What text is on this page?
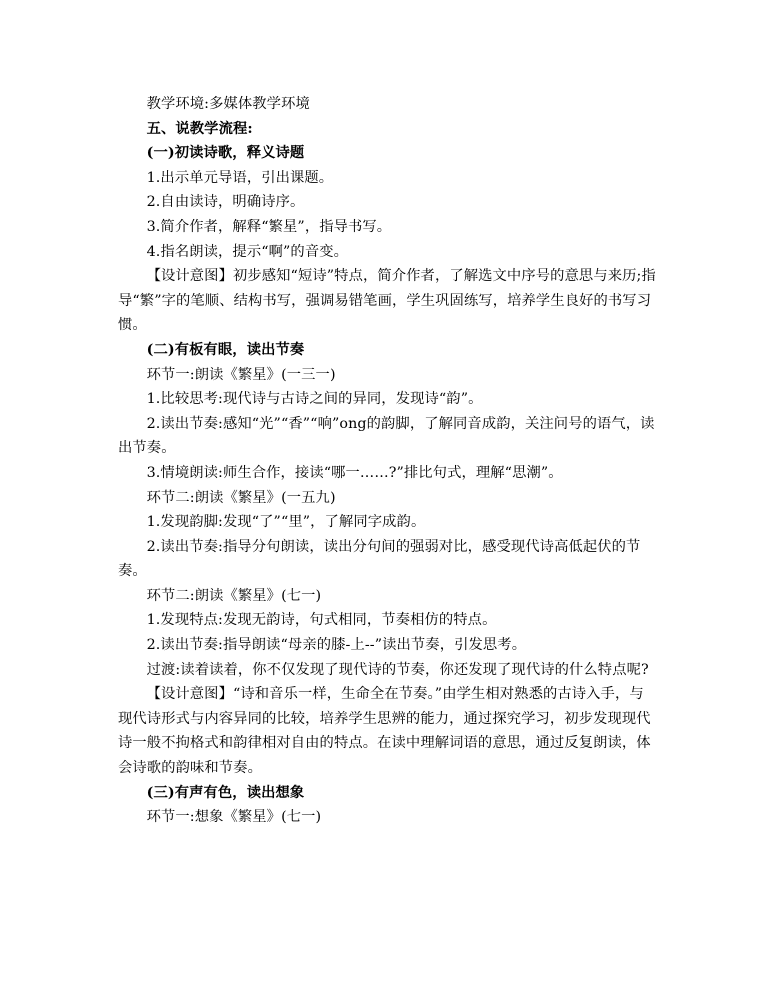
教学环境:多媒体教学环境

五、说教学流程:

(一)初读诗歌，释义诗题

1.出示单元导语，引出课题。

2.自由读诗，明确诗序。

3.简介作者，解释“繁星”，指导书写。

4.指名朗读，提示“啊”的音变。

【设计意图】初步感知“短诗”特点，简介作者，了解选文中序号的意思与来历;指导“繁”字的笔顺、结构书写，强调易错笔画，学生巩固练写，培养学生良好的书写习惯。

(二)有板有眼，读出节奏

环节一:朗读《繁星》(一三一)

1.比较思考:现代诗与古诗之间的异同，发现诗“韵”。

2.读出节奏:感知“光”“香”“响”ong的韵脚，了解同音成韵，关注问号的语气，读出节奏。

3.情境朗读:师生合作，接读“哪一……?”排比句式，理解“思潮”。

环节二:朗读《繁星》(一五九)

1.发现韵脚:发现“了”“里”，了解同字成韵。

2.读出节奏:指导分句朗读，读出分句间的强弱对比，感受现代诗高低起伏的节奏。

环节二:朗读《繁星》(七一)

1.发现特点:发现无韵诗，句式相同，节奏相仿的特点。

2.读出节奏:指导朗读“母亲的膝-上--”读出节奏，引发思考。

过渡:读着读着，你不仅发现了现代诗的节奏，你还发现了现代诗的什么特点呢?

【设计意图】“诗和音乐一样，生命全在节奏。”由学生相对熟悉的古诗入手，与现代诗形式与内容异同的比较，培养学生思辨的能力，通过探究学习，初步发现现代诗一般不拘格式和韵律相对自由的特点。在读中理解词语的意思，通过反复朗读，体会诗歌的韵味和节奏。

(三)有声有色，读出想象

环节一:想象《繁星》(七一)
